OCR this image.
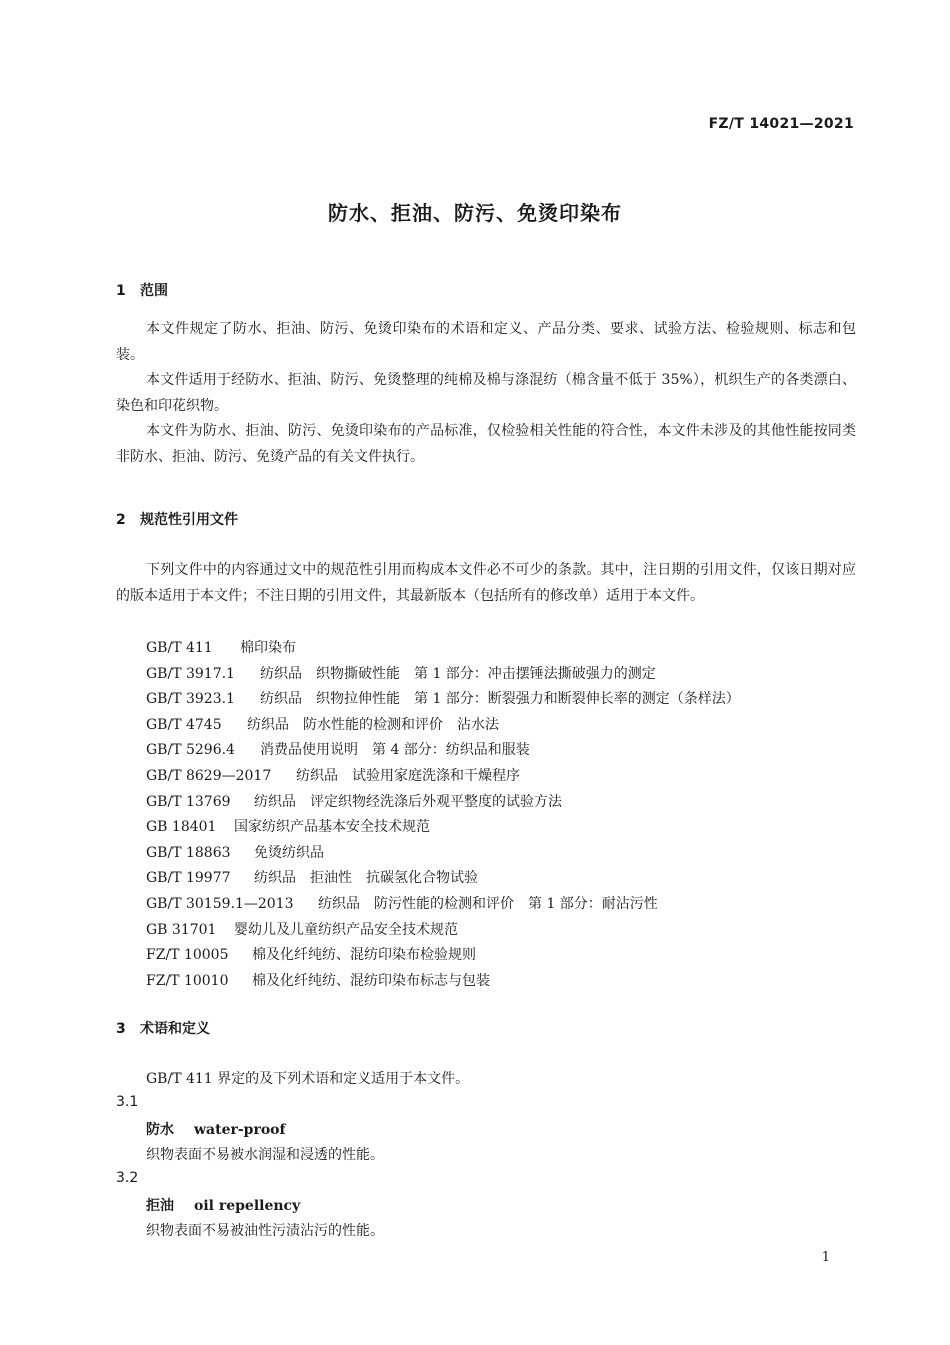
FZ/T 14021—2021
防水、拒油、防污、免烫印染布
1 范围

本文件规定了防水、拒油、防污、免烫印染布的术语和定义、产品分类、要求、试验方法、检验规则、标志和包装。

本文件适用于经防水、拒油、防污、免烫整理的纯棉及棉与涤混纺（棉含量不低于 35%），机织生产的各类漂白、染色和印花织物。

本文件为防水、拒油、防污、免烫印染布的产品标准，仅检验相关性能的符合性，本文件未涉及的其他性能按同类非防水、拒油、防污、免烫产品的有关文件执行。

2 规范性引用文件

下列文件中的内容通过文中的规范性引用而构成本文件必不可少的条款。其中，注日期的引用文件，仅该日期对应的版本适用于本文件；不注日期的引用文件，其最新版本（包括所有的修改单）适用于本文件。

GB/T 411 棉印染布
GB/T 3917.1 纺织品　织物撕破性能　第 1 部分：冲击摆锤法撕破强力的测定
GB/T 3923.1 纺织品　织物拉伸性能　第 1 部分：断裂强力和断裂伸长率的测定（条样法）
GB/T 4745 纺织品　防水性能的检测和评价　沾水法
GB/T 5296.4 消费品使用说明　第 4 部分：纺织品和服装
GB/T 8629—2017 纺织品　试验用家庭洗涤和干燥程序
GB/T 13769 纺织品　评定织物经洗涤后外观平整度的试验方法
GB 18401 国家纺织产品基本安全技术规范
GB/T 18863 免烫纺织品
GB/T 19977 纺织品　拒油性　抗碳氢化合物试验
GB/T 30159.1—2013 纺织品　防污性能的检测和评价　第 1 部分：耐沾污性
GB 31701 婴幼儿及儿童纺织产品安全技术规范
FZ/T 10005 棉及化纤纯纺、混纺印染布检验规则
FZ/T 10010 棉及化纤纯纺、混纺印染布标志与包装
3 术语和定义
GB/T 411 界定的及下列术语和定义适用于本文件。
3.1
防水 water-proof
织物表面不易被水润湿和浸透的性能。
3.2
拒油 oil repellency
织物表面不易被油性污渍沾污的性能。
1
